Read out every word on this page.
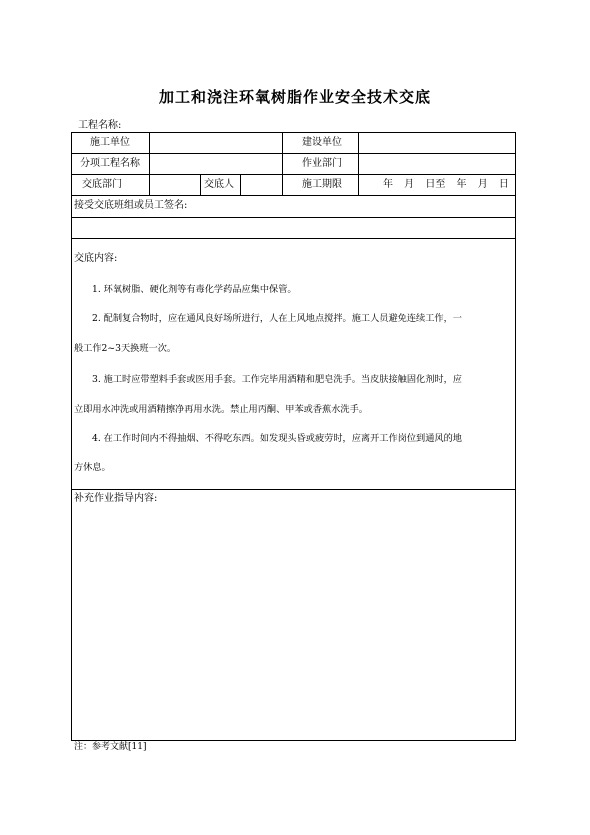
加工和浇注环氧树脂作业安全技术交底
工程名称:
施工单位	建设单位
分项工程名称	作业部门
交底部门	交底人	施工期限	年 月 日至 年 月 日
接受交底班组或员工签名:
交底内容:
1. 环氧树脂、硬化剂等有毒化学药品应集中保管。
2. 配制复合物时，应在通风良好场所进行，人在上风地点搅拌。施工人员避免连续工作，一
般工作2~3天换班一次。
3. 施工时应带塑料手套或医用手套。工作完毕用酒精和肥皂洗手。当皮肤接触固化剂时，应
立即用水冲洗或用酒精擦净再用水洗。禁止用丙酮、甲苯或香蕉水洗手。
4. 在工作时间内不得抽烟、不得吃东西。如发现头昏或疲劳时，应离开工作岗位到通风的地
方休息。
补充作业指导内容:
注：参考文献[11]
